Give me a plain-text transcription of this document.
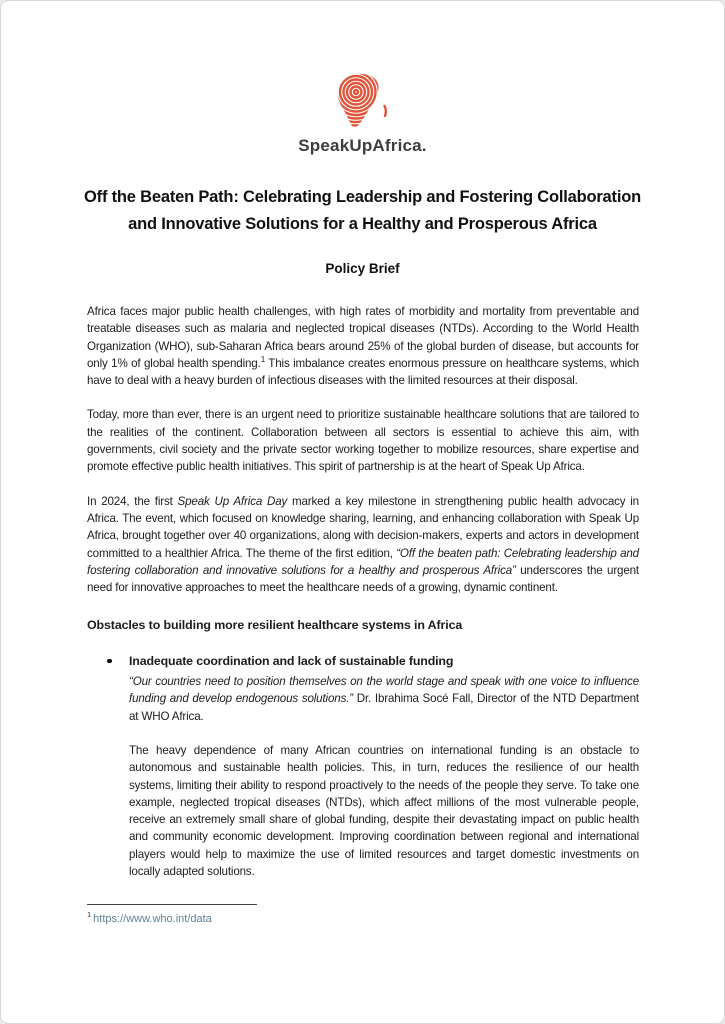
SpeakUpAfrica.
Off the Beaten Path: Celebrating Leadership and Fostering Collaboration and Innovative Solutions for a Healthy and Prosperous Africa
Policy Brief

Africa faces major public health challenges, with high rates of morbidity and mortality from preventable and treatable diseases such as malaria and neglected tropical diseases (NTDs). According to the World Health Organization (WHO), sub-Saharan Africa bears around 25% of the global burden of disease, but accounts for only 1% of global health spending.$^1$ This imbalance creates enormous pressure on healthcare systems, which have to deal with a heavy burden of infectious diseases with the limited resources at their disposal.

Today, more than ever, there is an urgent need to prioritize sustainable healthcare solutions that are tailored to the realities of the continent. Collaboration between all sectors is essential to achieve this aim, with governments, civil society and the private sector working together to mobilize resources, share expertise and promote effective public health initiatives. This spirit of partnership is at the heart of Speak Up Africa.

In 2024, the first Speak Up Africa Day marked a key milestone in strengthening public health advocacy in Africa. The event, which focused on knowledge sharing, learning, and enhancing collaboration with Speak Up Africa, brought together over 40 organizations, along with decision-makers, experts and actors in development committed to a healthier Africa. The theme of the first edition, “Off the beaten path: Celebrating leadership and fostering collaboration and innovative solutions for a healthy and prosperous Africa” underscores the urgent need for innovative approaches to meet the healthcare needs of a growing, dynamic continent.

Obstacles to building more resilient healthcare systems in Africa
Inadequate coordination and lack of sustainable funding

“Our countries need to position themselves on the world stage and speak with one voice to influence funding and develop endogenous solutions.” Dr. Ibrahima Socé Fall, Director of the NTD Department at WHO Africa.

The heavy dependence of many African countries on international funding is an obstacle to autonomous and sustainable health policies. This, in turn, reduces the resilience of our health systems, limiting their ability to respond proactively to the needs of the people they serve. To take one example, neglected tropical diseases (NTDs), which affect millions of the most vulnerable people, receive an extremely small share of global funding, despite their devastating impact on public health and community economic development. Improving coordination between regional and international players would help to maximize the use of limited resources and target domestic investments on locally adapted solutions.

$^1$ https://www.who.int/data
